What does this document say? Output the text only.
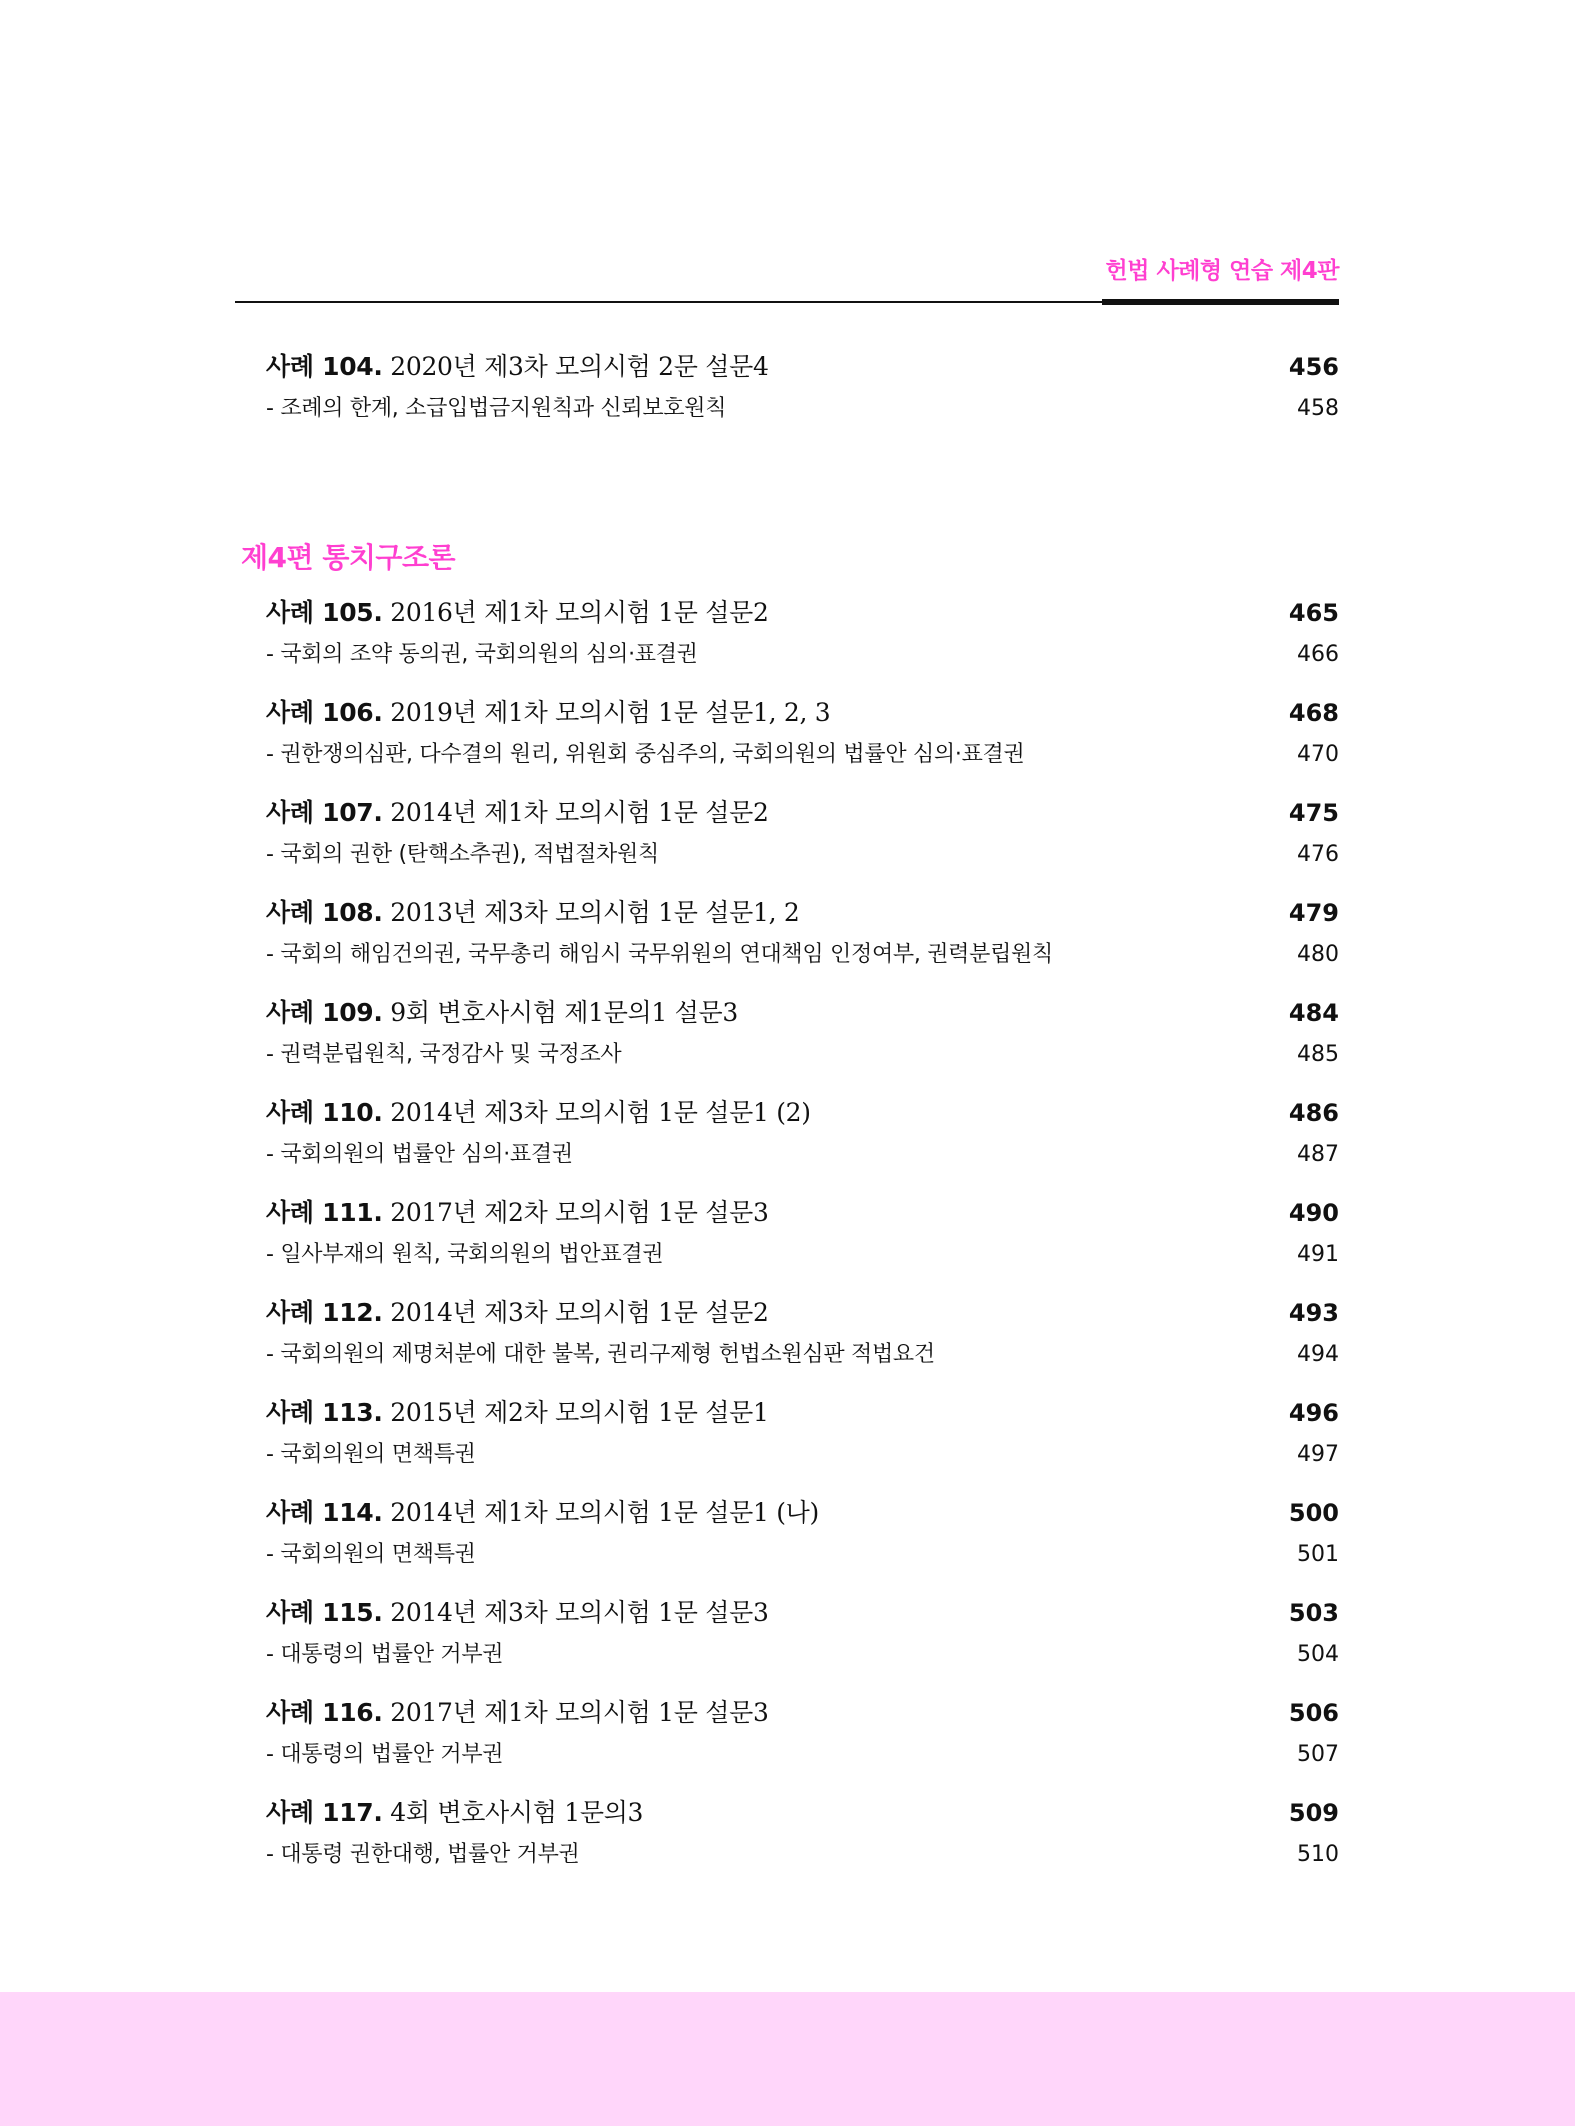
헌법 사례형 연습 제4판
사례 104. 2020년 제3차 모의시험 2문 설문4	456
- 조례의 한계, 소급입법금지원칙과 신뢰보호원칙	458
제4편 통치구조론
사례 105. 2016년 제1차 모의시험 1문 설문2	465
- 국회의 조약 동의권, 국회의원의 심의·표결권	466
사례 106. 2019년 제1차 모의시험 1문 설문1, 2, 3	468
- 권한쟁의심판, 다수결의 원리, 위원회 중심주의, 국회의원의 법률안 심의·표결권	470
사례 107. 2014년 제1차 모의시험 1문 설문2	475
- 국회의 권한 (탄핵소추권), 적법절차원칙	476
사례 108. 2013년 제3차 모의시험 1문 설문1, 2	479
- 국회의 해임건의권, 국무총리 해임시 국무위원의 연대책임 인정여부, 권력분립원칙	480
사례 109. 9회 변호사시험 제1문의1 설문3	484
- 권력분립원칙, 국정감사 및 국정조사	485
사례 110. 2014년 제3차 모의시험 1문 설문1 (2)	486
- 국회의원의 법률안 심의·표결권	487
사례 111. 2017년 제2차 모의시험 1문 설문3	490
- 일사부재의 원칙, 국회의원의 법안표결권	491
사례 112. 2014년 제3차 모의시험 1문 설문2	493
- 국회의원의 제명처분에 대한 불복, 권리구제형 헌법소원심판 적법요건	494
사례 113. 2015년 제2차 모의시험 1문 설문1	496
- 국회의원의 면책특권	497
사례 114. 2014년 제1차 모의시험 1문 설문1 (나)	500
- 국회의원의 면책특권	501
사례 115. 2014년 제3차 모의시험 1문 설문3	503
- 대통령의 법률안 거부권	504
사례 116. 2017년 제1차 모의시험 1문 설문3	506
- 대통령의 법률안 거부권	507
사례 117. 4회 변호사시험 1문의3	509
- 대통령 권한대행, 법률안 거부권	510
